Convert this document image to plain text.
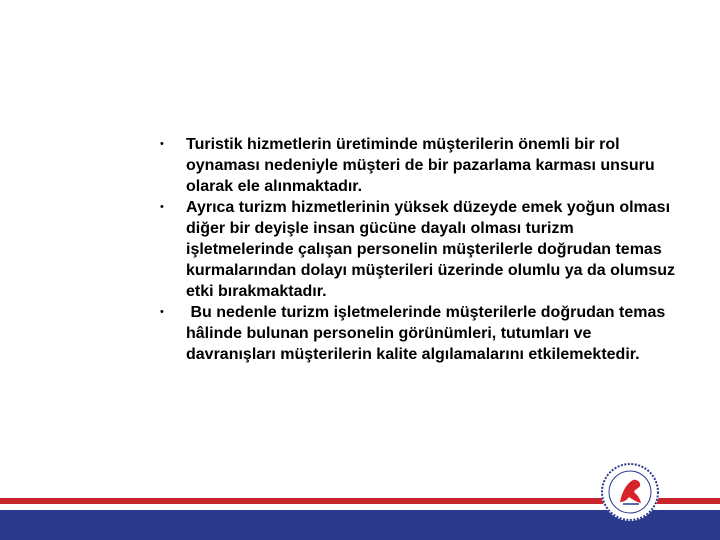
•	Turistik hizmetlerin üretiminde müşterilerin önemli bir rol oynaması nedeniyle müşteri de bir pazarlama karması unsuru olarak ele alınmaktadır.
•	Ayrıca turizm hizmetlerinin yüksek düzeyde emek yoğun olması diğer bir deyişle insan gücüne dayalı olması turizm işletmelerinde çalışan personelin müşterilerle doğrudan temas kurmalarından dolayı müşterileri üzerinde olumlu ya da olumsuz etki bırakmaktadır.
•	Bu nedenle turizm işletmelerinde müşterilerle doğrudan temas hâlinde bulunan personelin görünümleri, tutumları ve davranışları müşterilerin kalite algılamalarını etkilemektedir.
